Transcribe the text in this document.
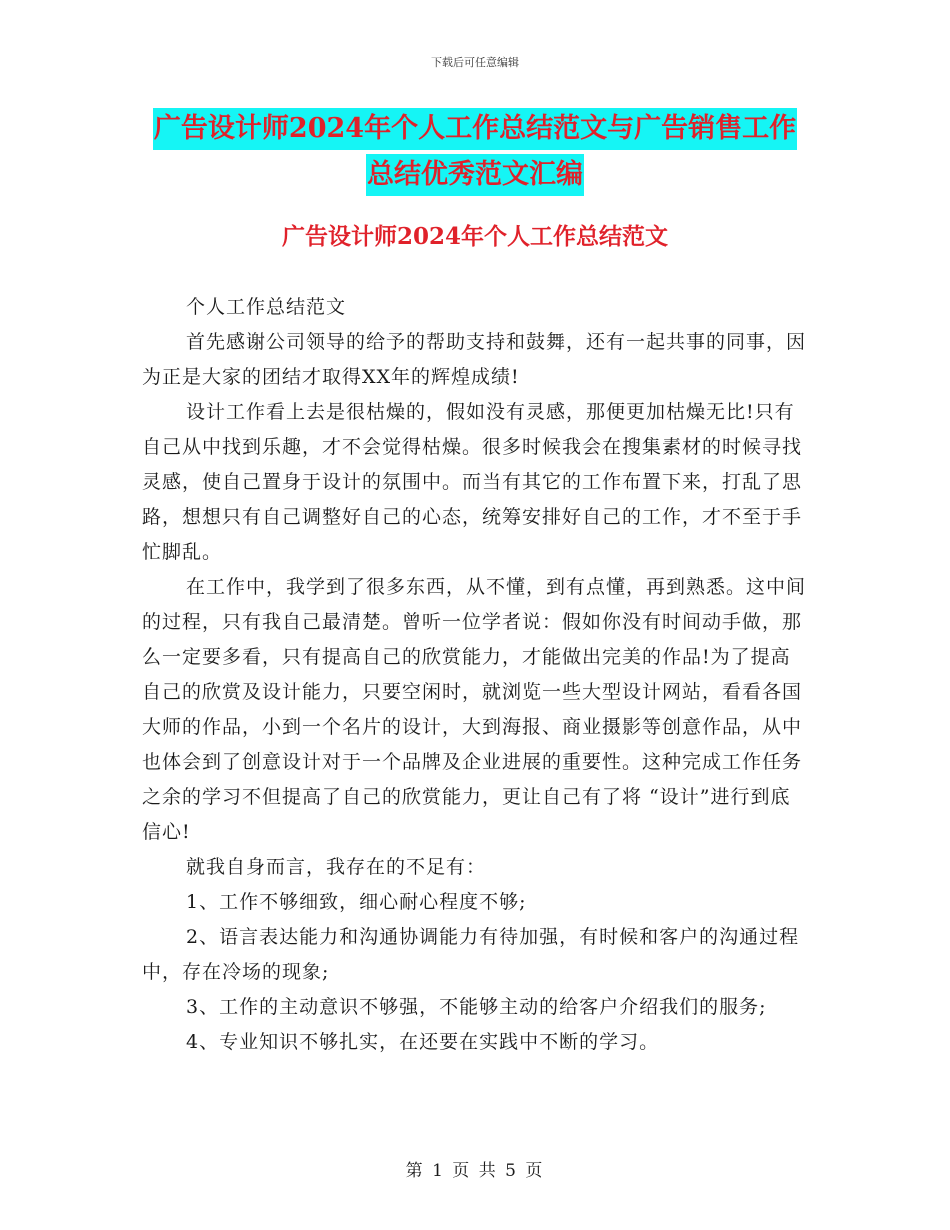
下载后可任意编辑
广告设计师2024年个人工作总结范文与广告销售工作
总结优秀范文汇编
广告设计师2024年个人工作总结范文

个人工作总结范文

首先感谢公司领导的给予的帮助支持和鼓舞，还有一起共事的同事，因为正是大家的团结才取得XX年的辉煌成绩!

设计工作看上去是很枯燥的，假如没有灵感，那便更加枯燥无比!只有自己从中找到乐趣，才不会觉得枯燥。很多时候我会在搜集素材的时候寻找灵感，使自己置身于设计的氛围中。而当有其它的工作布置下来，打乱了思路，想想只有自己调整好自己的心态，统筹安排好自己的工作，才不至于手忙脚乱。

在工作中，我学到了很多东西，从不懂，到有点懂，再到熟悉。这中间的过程，只有我自己最清楚。曾听一位学者说：假如你没有时间动手做，那么一定要多看，只有提高自己的欣赏能力，才能做出完美的作品!为了提高自己的欣赏及设计能力，只要空闲时，就浏览一些大型设计网站，看看各国大师的作品，小到一个名片的设计，大到海报、商业摄影等创意作品，从中也体会到了创意设计对于一个品牌及企业进展的重要性。这种完成工作任务之余的学习不但提高了自己的欣赏能力，更让自己有了将 “设计”进行到底信心!

就我自身而言，我存在的不足有：

1、工作不够细致，细心耐心程度不够;

2、语言表达能力和沟通协调能力有待加强，有时候和客户的沟通过程中，存在冷场的现象;

3、工作的主动意识不够强，不能够主动的给客户介绍我们的服务;

4、专业知识不够扎实，在还要在实践中不断的学习。

第 1 页 共 5 页
